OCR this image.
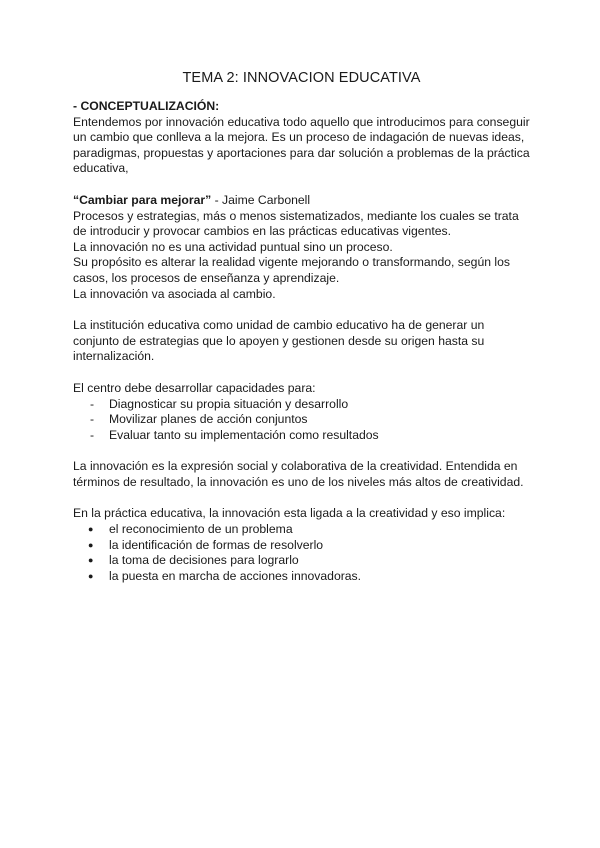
TEMA 2: INNOVACION EDUCATIVA

- CONCEPTUALIZACIÓN:

Entendemos por innovación educativa todo aquello que introducimos para conseguir

un cambio que conlleva a la mejora. Es un proceso de indagación de nuevas ideas,

paradigmas, propuestas y aportaciones para dar solución a problemas de la práctica

educativa,

“Cambiar para mejorar” - Jaime Carbonell

Procesos y estrategias, más o menos sistematizados, mediante los cuales se trata

de introducir y provocar cambios en las prácticas educativas vigentes.

La innovación no es una actividad puntual sino un proceso.

Su propósito es alterar la realidad vigente mejorando o transformando, según los

casos, los procesos de enseñanza y aprendizaje.

La innovación va asociada al cambio.

La institución educativa como unidad de cambio educativo ha de generar un

conjunto de estrategias que lo apoyen y gestionen desde su origen hasta su

internalización.

El centro debe desarrollar capacidades para:

- Diagnosticar su propia situación y desarrollo
- Movilizar planes de acción conjuntos
- Evaluar tanto su implementación como resultados

La innovación es la expresión social y colaborativa de la creatividad. Entendida en

términos de resultado, la innovación es uno de los niveles más altos de creatividad.

En la práctica educativa, la innovación esta ligada a la creatividad y eso implica:

● el reconocimiento de un problema
● la identificación de formas de resolverlo
● la toma de decisiones para lograrlo
● la puesta en marcha de acciones innovadoras.
